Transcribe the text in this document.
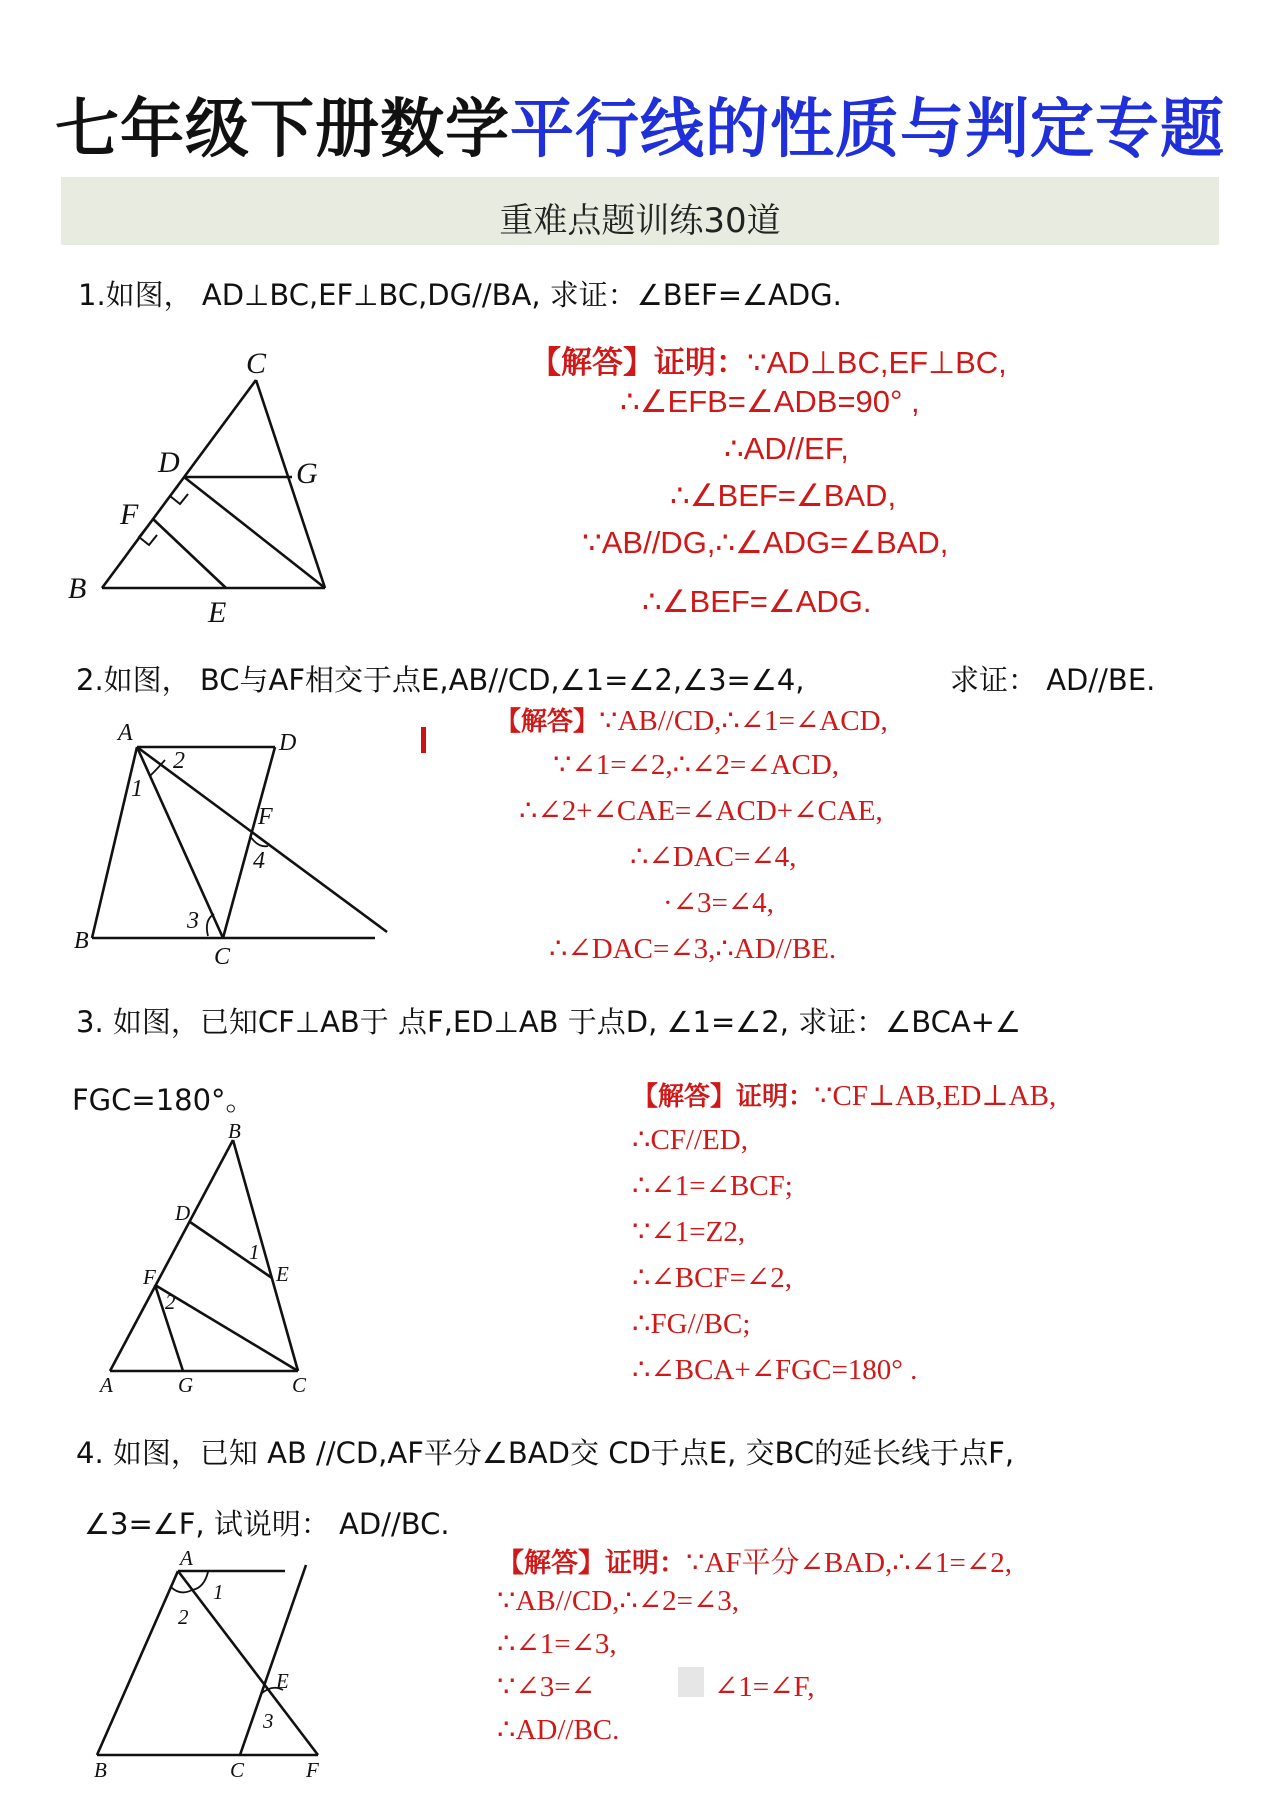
七年级下册数学平行线的性质与判定专题
重难点题训练30道
1.如图， AD⊥BC,EF⊥BC,DG//BA, 求证：∠BEF=∠ADG.
C
D	G
F
B
E
【解答】证明：∵AD⊥BC,EF⊥BC,
∴∠EFB=∠ADB=90° ,
∴AD//EF,
∴∠BEF=∠BAD,
∵AB//DG,∴∠ADG=∠BAD,
∴∠BEF=∠ADG.
2.如图， BC与AF相交于点E,AB//CD,∠1=∠2,∠3=∠4,	求证： AD//BE.
A	D
B
C
F
1
2
3
4
【解答】∵AB//CD,∴∠1=∠ACD,
∵∠1=∠2,∴∠2=∠ACD,
∴∠2+∠CAE=∠ACD+∠CAE,
∴∠DAC=∠4,
·∠3=∠4,
∴∠DAC=∠3,∴AD//BE.
3. 如图，已知CF⊥AB于 点F,ED⊥AB 于点D, ∠1=∠2, 求证：∠BCA+∠
FGC=180°。
B
D
E
F
A	G	C
1
2
【解答】证明：∵CF⊥AB,ED⊥AB,
∴CF//ED,
∴∠1=∠BCF;
∵∠1=Z2,
∴∠BCF=∠2,
∴FG//BC;
∴∠BCA+∠FGC=180° .
4. 如图，已知 AB //CD,AF平分∠BAD交 CD于点E, 交BC的延长线于点F,
∠3=∠F, 试说明： AD//BC.
A
E
B	C	F
1
2
3
【解答】证明：∵AF平分∠BAD,∴∠1=∠2,
∵AB//CD,∴∠2=∠3,
∴∠1=∠3,
∵∠3=∠	∠1=∠F,
∴AD//BC.
